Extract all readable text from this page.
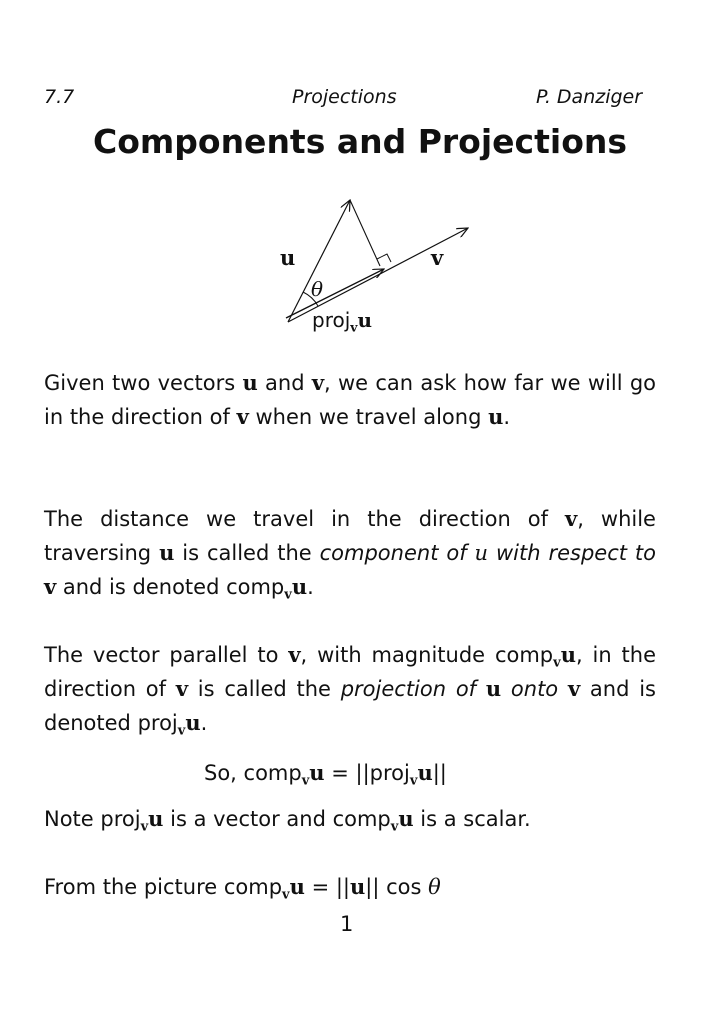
7.7	Projections	P. Danziger
Components and Projections
u	v
θ
proj$_v$u

Given two vectors u and v, we can ask how far we will go in the direction of v when we travel along u.

The distance we travel in the direction of v, while traversing u is called the component of u with respect to v and is denoted comp$_v$u.

The vector parallel to v, with magnitude comp$_v$u, in the direction of v is called the projection of u onto v and is denoted proj$_v$u.

So, comp$_v$u = ||proj$_v$u||
Note proj$_v$u is a vector and comp$_v$u is a scalar.
From the picture comp$_v$u = ||u|| cos θ
1
